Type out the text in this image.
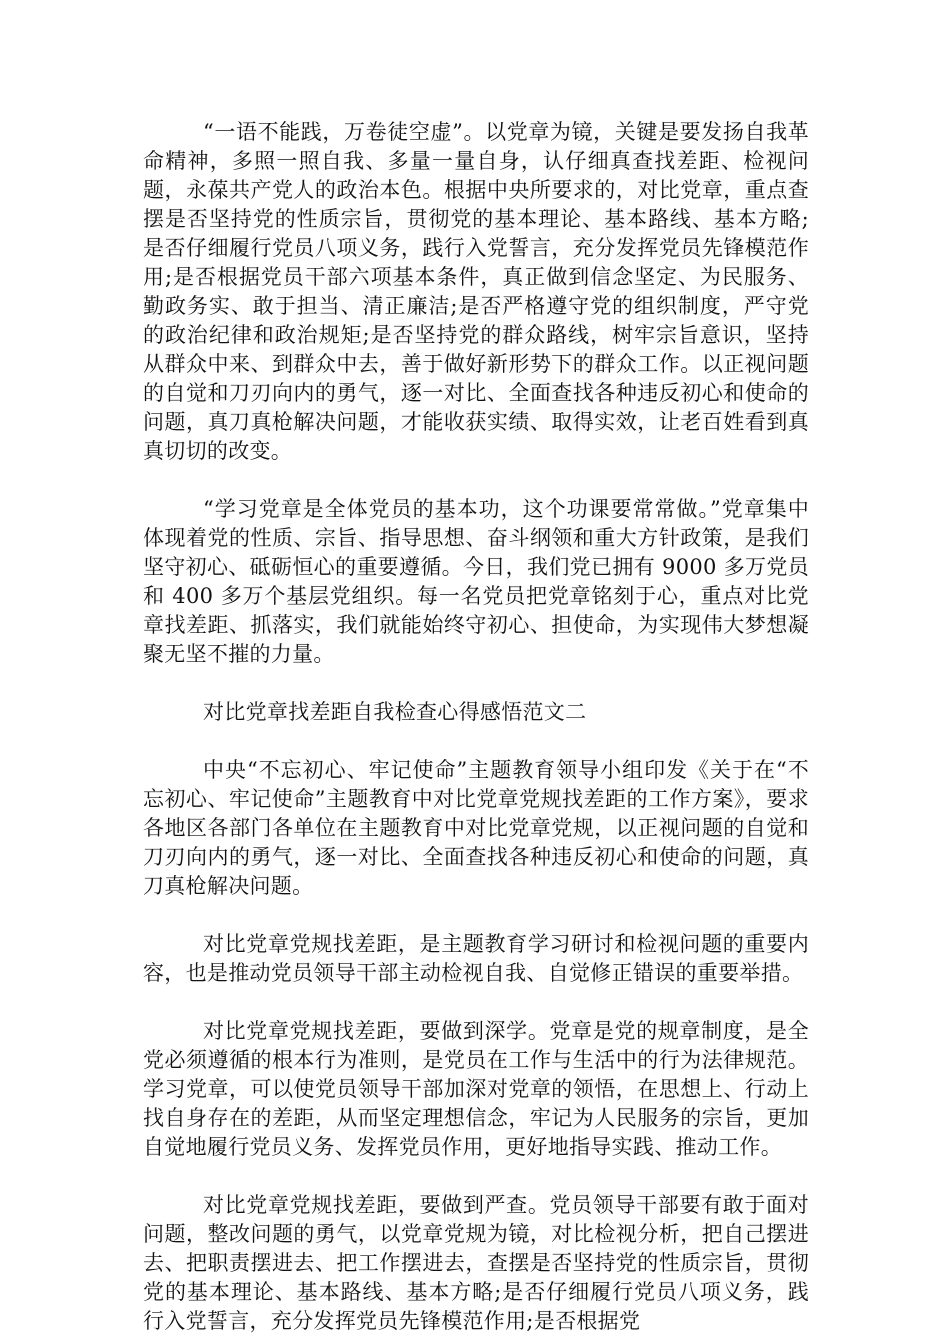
“一语不能践，万卷徒空虚”。以党章为镜，关键是要发扬自我革命精神，多照一照自我、多量一量自身，认仔细真查找差距、检视问题，永葆共产党人的政治本色。根据中央所要求的，对比党章，重点查摆是否坚持党的性质宗旨，贯彻党的基本理论、基本路线、基本方略;是否仔细履行党员八项义务，践行入党誓言，充分发挥党员先锋模范作用;是否根据党员干部六项基本条件，真正做到信念坚定、为民服务、勤政务实、敢于担当、清正廉洁;是否严格遵守党的组织制度，严守党的政治纪律和政治规矩;是否坚持党的群众路线，树牢宗旨意识，坚持从群众中来、到群众中去，善于做好新形势下的群众工作。以正视问题的自觉和刀刃向内的勇气，逐一对比、全面查找各种违反初心和使命的问题，真刀真枪解决问题，才能收获实绩、取得实效，让老百姓看到真真切切的改变。

“学习党章是全体党员的基本功，这个功课要常常做。”党章集中体现着党的性质、宗旨、指导思想、奋斗纲领和重大方针政策，是我们坚守初心、砥砺恒心的重要遵循。今日，我们党已拥有 9000 多万党员和 400 多万个基层党组织。每一名党员把党章铭刻于心，重点对比党章找差距、抓落实，我们就能始终守初心、担使命，为实现伟大梦想凝聚无坚不摧的力量。

对比党章找差距自我检查心得感悟范文二

中央“不忘初心、牢记使命”主题教育领导小组印发《关于在“不忘初心、牢记使命”主题教育中对比党章党规找差距的工作方案》，要求各地区各部门各单位在主题教育中对比党章党规，以正视问题的自觉和刀刃向内的勇气，逐一对比、全面查找各种违反初心和使命的问题，真刀真枪解决问题。

对比党章党规找差距，是主题教育学习研讨和检视问题的重要内容，也是推动党员领导干部主动检视自我、自觉修正错误的重要举措。

对比党章党规找差距，要做到深学。党章是党的规章制度，是全党必须遵循的根本行为准则，是党员在工作与生活中的行为法律规范。学习党章，可以使党员领导干部加深对党章的领悟，在思想上、行动上找自身存在的差距，从而坚定理想信念，牢记为人民服务的宗旨，更加自觉地履行党员义务、发挥党员作用，更好地指导实践、推动工作。

对比党章党规找差距，要做到严查。党员领导干部要有敢于面对问题，整改问题的勇气，以党章党规为镜，对比检视分析，把自己摆进去、把职责摆进去、把工作摆进去，查摆是否坚持党的性质宗旨，贯彻党的基本理论、基本路线、基本方略;是否仔细履行党员八项义务，践行入党誓言，充分发挥党员先锋模范作用;是否根据党
